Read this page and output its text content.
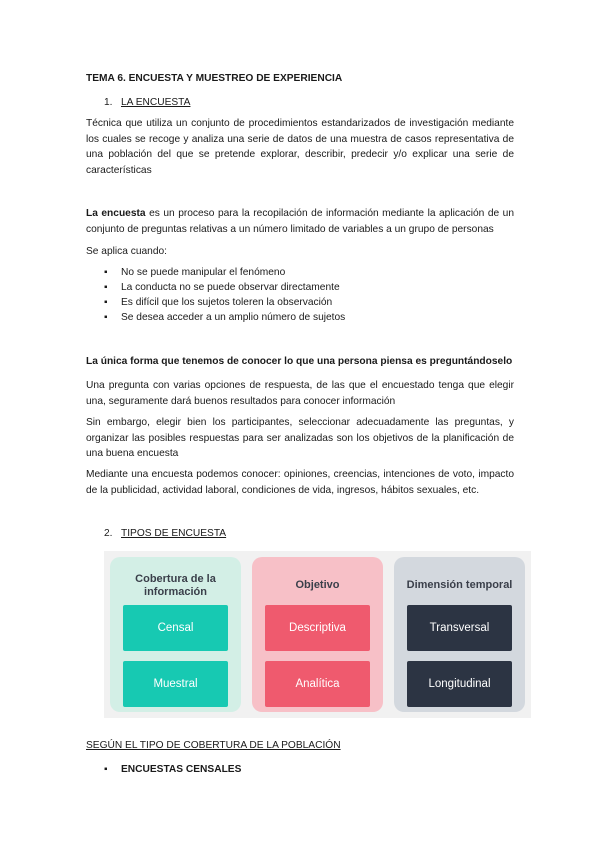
TEMA 6. ENCUESTA Y MUESTREO DE EXPERIENCIA
1. LA ENCUESTA
Técnica que utiliza un conjunto de procedimientos estandarizados de investigación mediante los cuales se recoge y analiza una serie de datos de una muestra de casos representativa de una población del que se pretende explorar, describir, predecir y/o explicar una serie de características
La encuesta es un proceso para la recopilación de información mediante la aplicación de un conjunto de preguntas relativas a un número limitado de variables a un grupo de personas
Se aplica cuando:
▪ No se puede manipular el fenómeno
▪ La conducta no se puede observar directamente
▪ Es difícil que los sujetos toleren la observación
▪ Se desea acceder a un amplio número de sujetos
La única forma que tenemos de conocer lo que una persona piensa es preguntándoselo
Una pregunta con varias opciones de respuesta, de las que el encuestado tenga que elegir una, seguramente dará buenos resultados para conocer información
Sin embargo, elegir bien los participantes, seleccionar adecuadamente las preguntas, y organizar las posibles respuestas para ser analizadas son los objetivos de la planificación de una buena encuesta
Mediante una encuesta podemos conocer: opiniones, creencias, intenciones de voto, impacto de la publicidad, actividad laboral, condiciones de vida, ingresos, hábitos sexuales, etc.
2. TIPOS DE ENCUESTA
Cobertura de la información
Censal
Muestral
Objetivo
Descriptiva
Analítica
Dimensión temporal
Transversal
Longitudinal
SEGÚN EL TIPO DE COBERTURA DE LA POBLACIÓN
▪ ENCUESTAS CENSALES
